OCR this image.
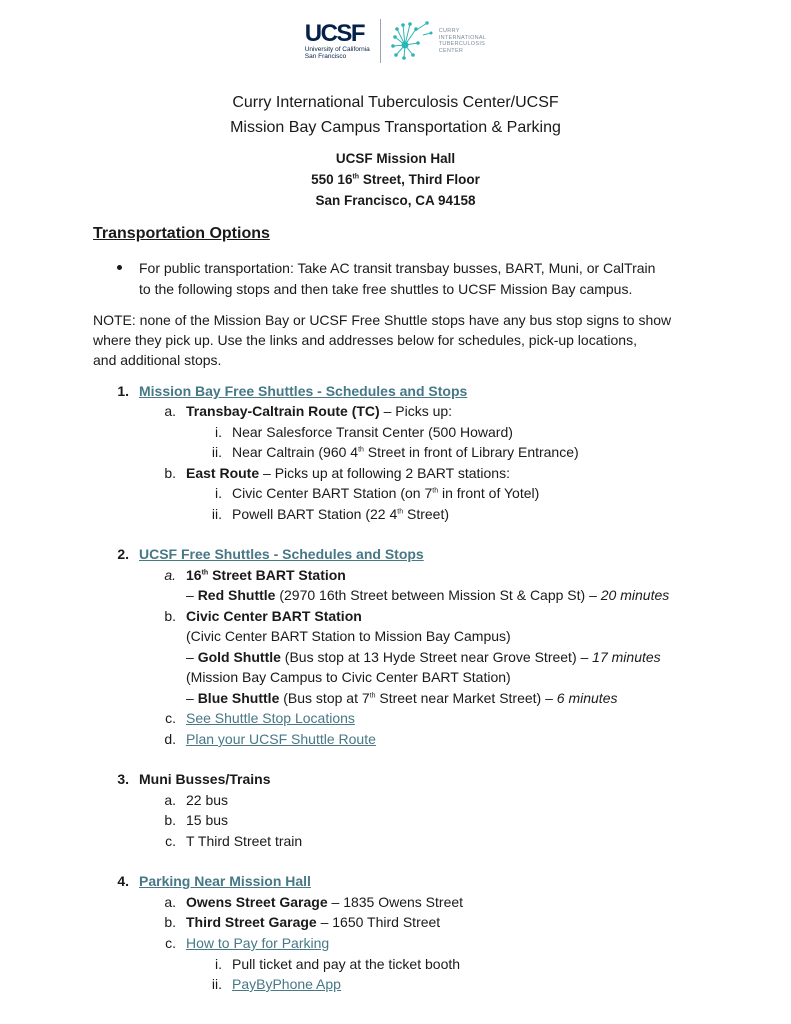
UCSF
University of California
San Francisco
CURRY
INTERNATIONAL
TUBERCULOSIS
CENTER
Curry International Tuberculosis Center/UCSF
Mission Bay Campus Transportation & Parking
UCSF Mission Hall
550 16th Street, Third Floor
San Francisco, CA 94158
Transportation Options
For public transportation: Take AC transit transbay busses, BART, Muni, or CalTrain
to the following stops and then take free shuttles to UCSF Mission Bay campus.
NOTE: none of the Mission Bay or UCSF Free Shuttle stops have any bus stop signs to show
where they pick up. Use the links and addresses below for schedules, pick-up locations,
and additional stops.
1. Mission Bay Free Shuttles - Schedules and Stops
a. Transbay-Caltrain Route (TC) – Picks up:
i. Near Salesforce Transit Center (500 Howard)
ii. Near Caltrain (960 4th Street in front of Library Entrance)
b. East Route – Picks up at following 2 BART stations:
i. Civic Center BART Station (on 7th in front of Yotel)
ii. Powell BART Station (22 4th Street)
2. UCSF Free Shuttles - Schedules and Stops
a. 16th Street BART Station
– Red Shuttle (2970 16th Street between Mission St & Capp St) – 20 minutes
b. Civic Center BART Station
(Civic Center BART Station to Mission Bay Campus)
– Gold Shuttle (Bus stop at 13 Hyde Street near Grove Street) – 17 minutes
(Mission Bay Campus to Civic Center BART Station)
– Blue Shuttle (Bus stop at 7th Street near Market Street) – 6 minutes
c. See Shuttle Stop Locations
d. Plan your UCSF Shuttle Route
3. Muni Busses/Trains
a. 22 bus
b. 15 bus
c. T Third Street train
4. Parking Near Mission Hall
a. Owens Street Garage – 1835 Owens Street
b. Third Street Garage – 1650 Third Street
c. How to Pay for Parking
i. Pull ticket and pay at the ticket booth
ii. PayByPhone App
